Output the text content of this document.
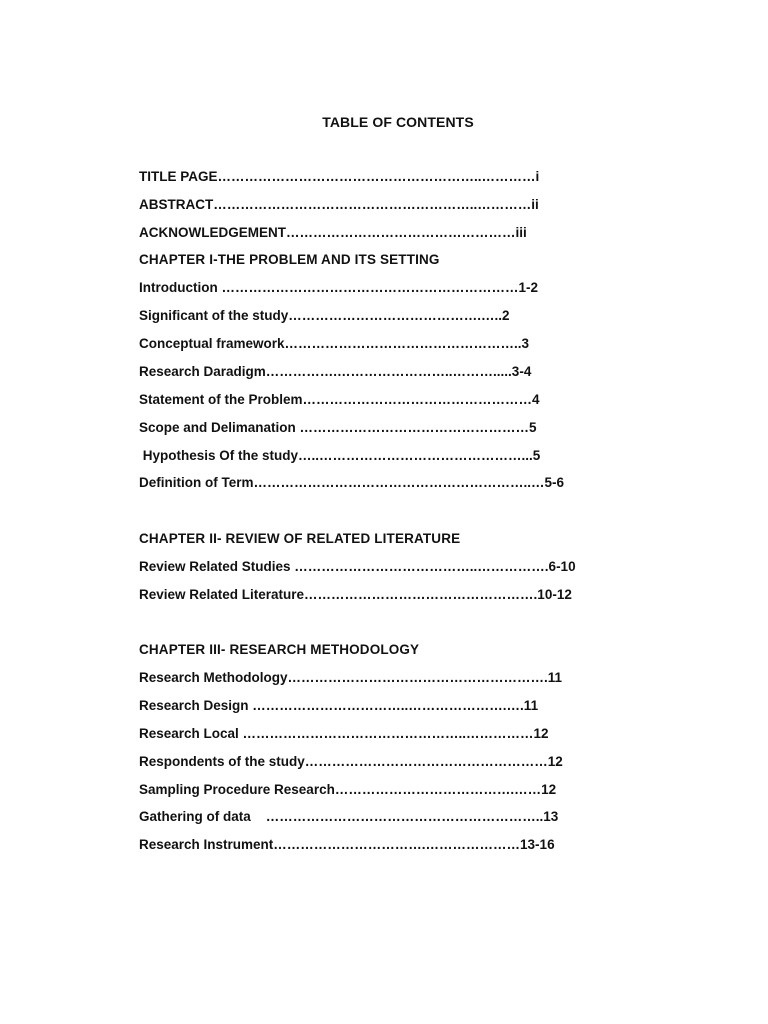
TABLE OF CONTENTS

TITLE PAGE…………………………………………………..…………i

ABSTRACT…………………………………………………..…………ii

ACKNOWLEDGEMENT……………………………………………iii

CHAPTER I-THE PROBLEM AND ITS SETTING

Introduction …………………………………………………………1-2

Significant of the study…………………………………….…..2

Conceptual framework……………………………………………..3

Research Daradigm…………….……………………..……….....3-4

Statement of the Problem……………………………………………4

Scope and Delimanation ……………………………………………5

Hypothesis Of the study…..………………………………………...5

Definition of Term……………………………………………………..…5-6

CHAPTER II- REVIEW OF RELATED LITERATURE

Review Related Studies …………………………………..…………….6-10

Review Related Literature…………………………………………….10-12

CHAPTER III- RESEARCH METHODOLOGY

Research Methodology………………………………………………….11

Research Design ……………………………..………………….….11

Research Local …………………………………………..……………12

Respondents of the study………………………………………………12

Sampling Procedure Research………………………………….……12

Gathering of data    ……………………………………………………..13

Research Instrument…………………………….…………………13-16
